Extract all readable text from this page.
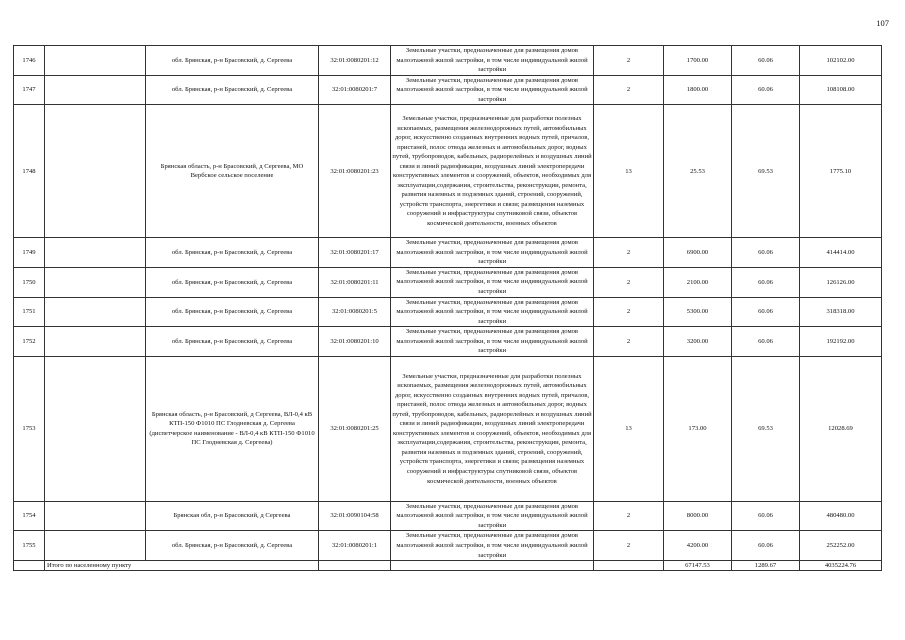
107
1746		обл. Брянская, р-н Брасовский, д. Сергеева	32:01:0080201:12	Земельные участки, предназначенные для размещения домов малоэтажной жилой застройки, в том числе индивидуальной жилой застройки	2	1700.00	60.06	102102.00
1747		обл. Брянская, р-н Брасовский, д. Сергеева	32:01:0080201:7	Земельные участки, предназначенные для размещения домов малоэтажной жилой застройки, в том числе индивидуальной жилой застройки	2	1800.00	60.06	108108.00
1748		Брянская область, р-н Брасовский, д Сергеева, МО Вербское сельское поселение	32:01:0080201:23	Земельные участки, предназначенные для разработки полезных ископаемых, размещения железнодорожных путей, автомобильных дорог, искусственно созданных внутренних водных путей, причалов, пристаней, полос отвода железных и автомобильных дорог, водных путей, трубопроводов, кабельных, радиорелейных и воздушных линий связи и линий радиофикации, воздушных линий электропередачи конструктивных элементов и сооружений, объектов, необходимых для эксплуатации,содержания, строительства, реконструкции, ремонта, развития наземных и подземных зданий, строений, сооружений, устройств транспорта, энергетики и связи; размещения наземных сооружений и инфраструктуры спутниковой связи, объектов космической деятельности, военных объектов	13	25.53	69.53	1775.10
1749		обл. Брянская, р-н Брасовский, д. Сергеева	32:01:0080201:17	Земельные участки, предназначенные для размещения домов малоэтажной жилой застройки, в том числе индивидуальной жилой застройки	2	6900.00	60.06	414414.00
1750		обл. Брянская, р-н Брасовский, д. Сергеева	32:01:0080201:11	Земельные участки, предназначенные для размещения домов малоэтажной жилой застройки, в том числе индивидуальной жилой застройки	2	2100.00	60.06	126126.00
1751		обл. Брянская, р-н Брасовский, д. Сергеева	32:01:0080201:5	Земельные участки, предназначенные для размещения домов малоэтажной жилой застройки, в том числе индивидуальной жилой застройки	2	5300.00	60.06	318318.00
1752		обл. Брянская, р-н Брасовский, д. Сергеева	32:01:0080201:10	Земельные участки, предназначенные для размещения домов малоэтажной жилой застройки, в том числе индивидуальной жилой застройки	2	3200.00	60.06	192192.00
1753		Брянская область, р-н Брасовский, д Сергеева, ВЛ-0,4 кВ КТП-150 Ф1010 ПС Глодневская д. Сергеева (диспетчерское наименование - ВЛ-0,4 кВ КТП-150 Ф1010 ПС Глодневская д. Сергеева)	32:01:0080201:25	Земельные участки, предназначенные для разработки полезных ископаемых, размещения железнодорожных путей, автомобильных дорог, искусственно созданных внутренних водных путей, причалов, пристаней, полос отвода железных и автомобильных дорог, водных путей, трубопроводов, кабельных, радиорелейных и воздушных линий связи и линий радиофикации, воздушных линий электропередачи конструктивных элементов и сооружений, объектов, необходимых для эксплуатации,содержания, строительства, реконструкции, ремонта, развития наземных и подземных зданий, строений, сооружений, устройств транспорта, энергетики и связи; размещения наземных сооружений и инфраструктуры спутниковой связи, объектов космической деятельности, военных объектов	13	173.00	69.53	12028.69
1754		Брянская обл, р-н Брасовский, д Сергеева	32:01:0090104:58	Земельные участки, предназначенные для размещения домов малоэтажной жилой застройки, в том числе индивидуальной жилой застройки	2	8000.00	60.06	480480.00
1755		обл. Брянская, р-н Брасовский, д. Сергеева	32:01:0080201:1	Земельные участки, предназначенные для размещения домов малоэтажной жилой застройки, в том числе индивидуальной жилой застройки	2	4200.00	60.06	252252.00
	Итого по населенному пункту					67147.53	1289.67	4035224.76
